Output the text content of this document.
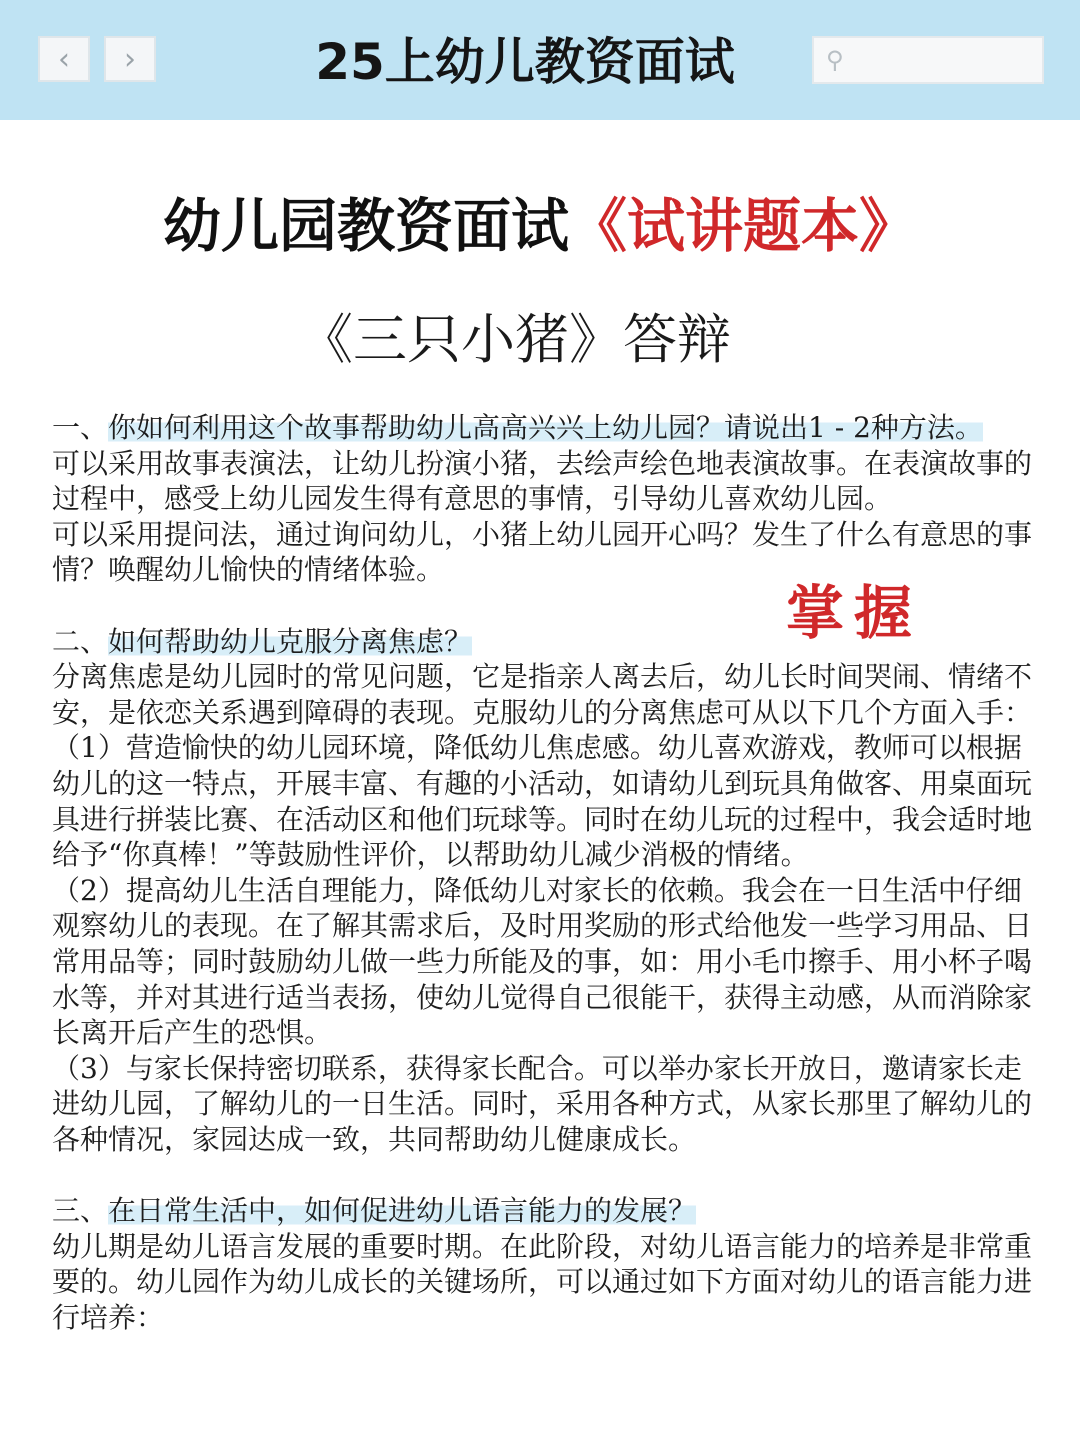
‹ ›	25上幼儿教资面试	⚲
幼儿园教资面试《试讲题本》
《三只小猪》答辩
掌握

一、你如何利用这个故事帮助幼儿高高兴兴上幼儿园？请说出1 - 2种方法。

可以采用故事表演法，让幼儿扮演小猪，去绘声绘色地表演故事。在表演故事的过程中，感受上幼儿园发生得有意思的事情，引导幼儿喜欢幼儿园。

可以采用提问法，通过询问幼儿，小猪上幼儿园开心吗？发生了什么有意思的事情？唤醒幼儿愉快的情绪体验。

二、如何帮助幼儿克服分离焦虑？

分离焦虑是幼儿园时的常见问题，它是指亲人离去后，幼儿长时间哭闹、情绪不安，是依恋关系遇到障碍的表现。克服幼儿的分离焦虑可从以下几个方面入手：

（1）营造愉快的幼儿园环境，降低幼儿焦虑感。幼儿喜欢游戏，教师可以根据幼儿的这一特点，开展丰富、有趣的小活动，如请幼儿到玩具角做客、用桌面玩具进行拼装比赛、在活动区和他们玩球等。同时在幼儿玩的过程中，我会适时地给予“你真棒！”等鼓励性评价，以帮助幼儿减少消极的情绪。

（2）提高幼儿生活自理能力，降低幼儿对家长的依赖。我会在一日生活中仔细观察幼儿的表现。在了解其需求后，及时用奖励的形式给他发一些学习用品、日常用品等；同时鼓励幼儿做一些力所能及的事，如：用小毛巾擦手、用小杯子喝水等，并对其进行适当表扬，使幼儿觉得自己很能干，获得主动感，从而消除家长离开后产生的恐惧。

（3）与家长保持密切联系，获得家长配合。可以举办家长开放日，邀请家长走进幼儿园，了解幼儿的一日生活。同时，采用各种方式，从家长那里了解幼儿的各种情况，家园达成一致，共同帮助幼儿健康成长。

三、在日常生活中，如何促进幼儿语言能力的发展？

幼儿期是幼儿语言发展的重要时期。在此阶段，对幼儿语言能力的培养是非常重要的。幼儿园作为幼儿成长的关键场所，可以通过如下方面对幼儿的语言能力进行培养：
